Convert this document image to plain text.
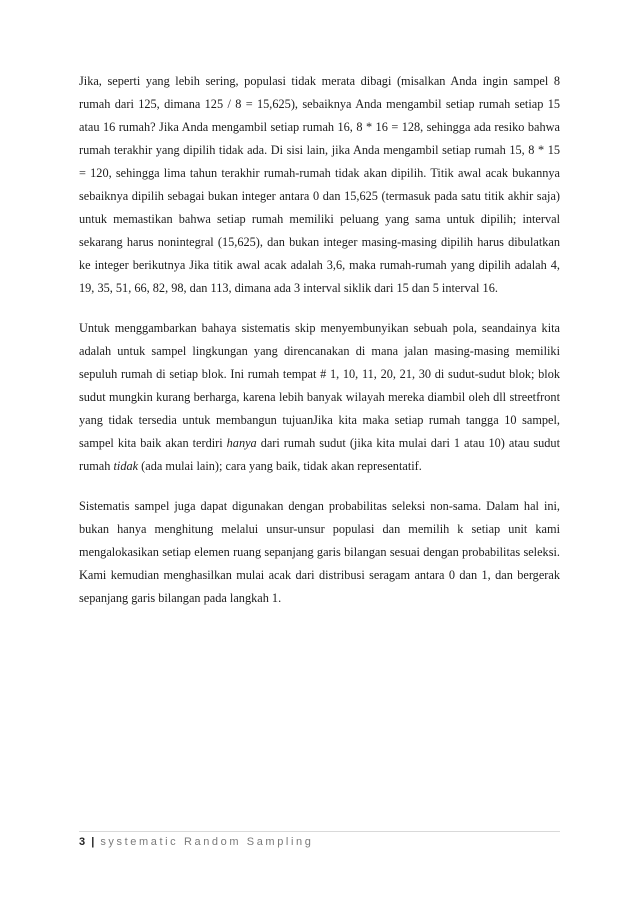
Jika, seperti yang lebih sering, populasi tidak merata dibagi (misalkan Anda ingin sampel 8 rumah dari 125, dimana 125 / 8 = 15,625), sebaiknya Anda mengambil setiap rumah setiap 15 atau 16 rumah? Jika Anda mengambil setiap rumah 16, 8 * 16 = 128, sehingga ada resiko bahwa rumah terakhir yang dipilih tidak ada. Di sisi lain, jika Anda mengambil setiap rumah 15, 8 * 15 = 120, sehingga lima tahun terakhir rumah-rumah tidak akan dipilih. Titik awal acak bukannya sebaiknya dipilih sebagai bukan integer antara 0 dan 15,625 (termasuk pada satu titik akhir saja) untuk memastikan bahwa setiap rumah memiliki peluang yang sama untuk dipilih; interval sekarang harus nonintegral (15,625), dan bukan integer masing-masing dipilih harus dibulatkan ke integer berikutnya Jika titik awal acak adalah 3,6, maka rumah-rumah yang dipilih adalah 4, 19, 35, 51, 66, 82, 98, dan 113, dimana ada 3 interval siklik dari 15 dan 5 interval 16.

Untuk menggambarkan bahaya sistematis skip menyembunyikan sebuah pola, seandainya kita adalah untuk sampel lingkungan yang direncanakan di mana jalan masing-masing memiliki sepuluh rumah di setiap blok. Ini rumah tempat # 1, 10, 11, 20, 21, 30 di sudut-sudut blok; blok sudut mungkin kurang berharga, karena lebih banyak wilayah mereka diambil oleh dll streetfront yang tidak tersedia untuk membangun tujuanJika kita maka setiap rumah tangga 10 sampel, sampel kita baik akan terdiri hanya dari rumah sudut (jika kita mulai dari 1 atau 10) atau sudut rumah tidak (ada mulai lain); cara yang baik, tidak akan representatif.

Sistematis sampel juga dapat digunakan dengan probabilitas seleksi non-sama. Dalam hal ini, bukan hanya menghitung melalui unsur-unsur populasi dan memilih k setiap unit kami mengalokasikan setiap elemen ruang sepanjang garis bilangan sesuai dengan probabilitas seleksi. Kami kemudian menghasilkan mulai acak dari distribusi seragam antara 0 dan 1, dan bergerak sepanjang garis bilangan pada langkah 1.

3 | systematic Random Sampling
